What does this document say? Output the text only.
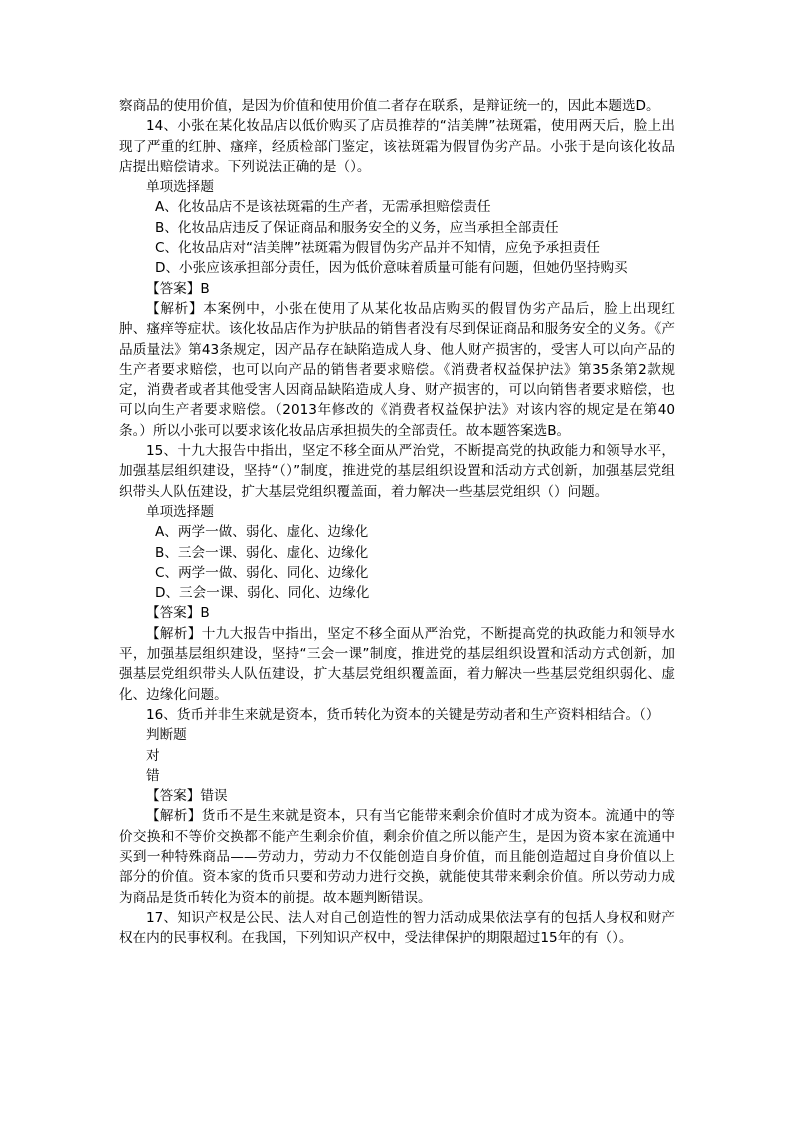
察商品的使用价值，是因为价值和使用价值二者存在联系，是辩证统一的，因此本题选D。

14、小张在某化妆品店以低价购买了店员推荐的“洁美牌”祛斑霜，使用两天后，脸上出现了严重的红肿、瘙痒，经质检部门鉴定，该祛斑霜为假冒伪劣产品。小张于是向该化妆品店提出赔偿请求。下列说法正确的是（）。

单项选择题

A、化妆品店不是该祛斑霜的生产者，无需承担赔偿责任

B、化妆品店违反了保证商品和服务安全的义务，应当承担全部责任

C、化妆品店对“洁美牌”祛斑霜为假冒伪劣产品并不知情，应免予承担责任

D、小张应该承担部分责任，因为低价意味着质量可能有问题，但她仍坚持购买

【答案】B

【解析】本案例中，小张在使用了从某化妆品店购买的假冒伪劣产品后，脸上出现红肿、瘙痒等症状。该化妆品店作为护肤品的销售者没有尽到保证商品和服务安全的义务。《产品质量法》第43条规定，因产品存在缺陷造成人身、他人财产损害的，受害人可以向产品的生产者要求赔偿，也可以向产品的销售者要求赔偿。《消费者权益保护法》第35条第2款规定，消费者或者其他受害人因商品缺陷造成人身、财产损害的，可以向销售者要求赔偿，也可以向生产者要求赔偿。（2013年修改的《消费者权益保护法》对该内容的规定是在第40条。）所以小张可以要求该化妆品店承担损失的全部责任。故本题答案选B。

15、十九大报告中指出，坚定不移全面从严治党，不断提高党的执政能力和领导水平，加强基层组织建设，坚持“（）”制度，推进党的基层组织设置和活动方式创新，加强基层党组织带头人队伍建设，扩大基层党组织覆盖面，着力解决一些基层党组织（）问题。

单项选择题

A、两学一做、弱化、虚化、边缘化

B、三会一课、弱化、虚化、边缘化

C、两学一做、弱化、同化、边缘化

D、三会一课、弱化、同化、边缘化

【答案】B

【解析】十九大报告中指出，坚定不移全面从严治党，不断提高党的执政能力和领导水平，加强基层组织建设，坚持“三会一课”制度，推进党的基层组织设置和活动方式创新，加强基层党组织带头人队伍建设，扩大基层党组织覆盖面，着力解决一些基层党组织弱化、虚化、边缘化问题。

16、货币并非生来就是资本，货币转化为资本的关键是劳动者和生产资料相结合。（）

判断题

对

错

【答案】错误

【解析】货币不是生来就是资本，只有当它能带来剩余价值时才成为资本。流通中的等价交换和不等价交换都不能产生剩余价值，剩余价值之所以能产生，是因为资本家在流通中买到一种特殊商品——劳动力，劳动力不仅能创造自身价值，而且能创造超过自身价值以上部分的价值。资本家的货币只要和劳动力进行交换，就能使其带来剩余价值。所以劳动力成为商品是货币转化为资本的前提。故本题判断错误。

17、知识产权是公民、法人对自己创造性的智力活动成果依法享有的包括人身权和财产权在内的民事权利。在我国，下列知识产权中，受法律保护的期限超过15年的有（）。
